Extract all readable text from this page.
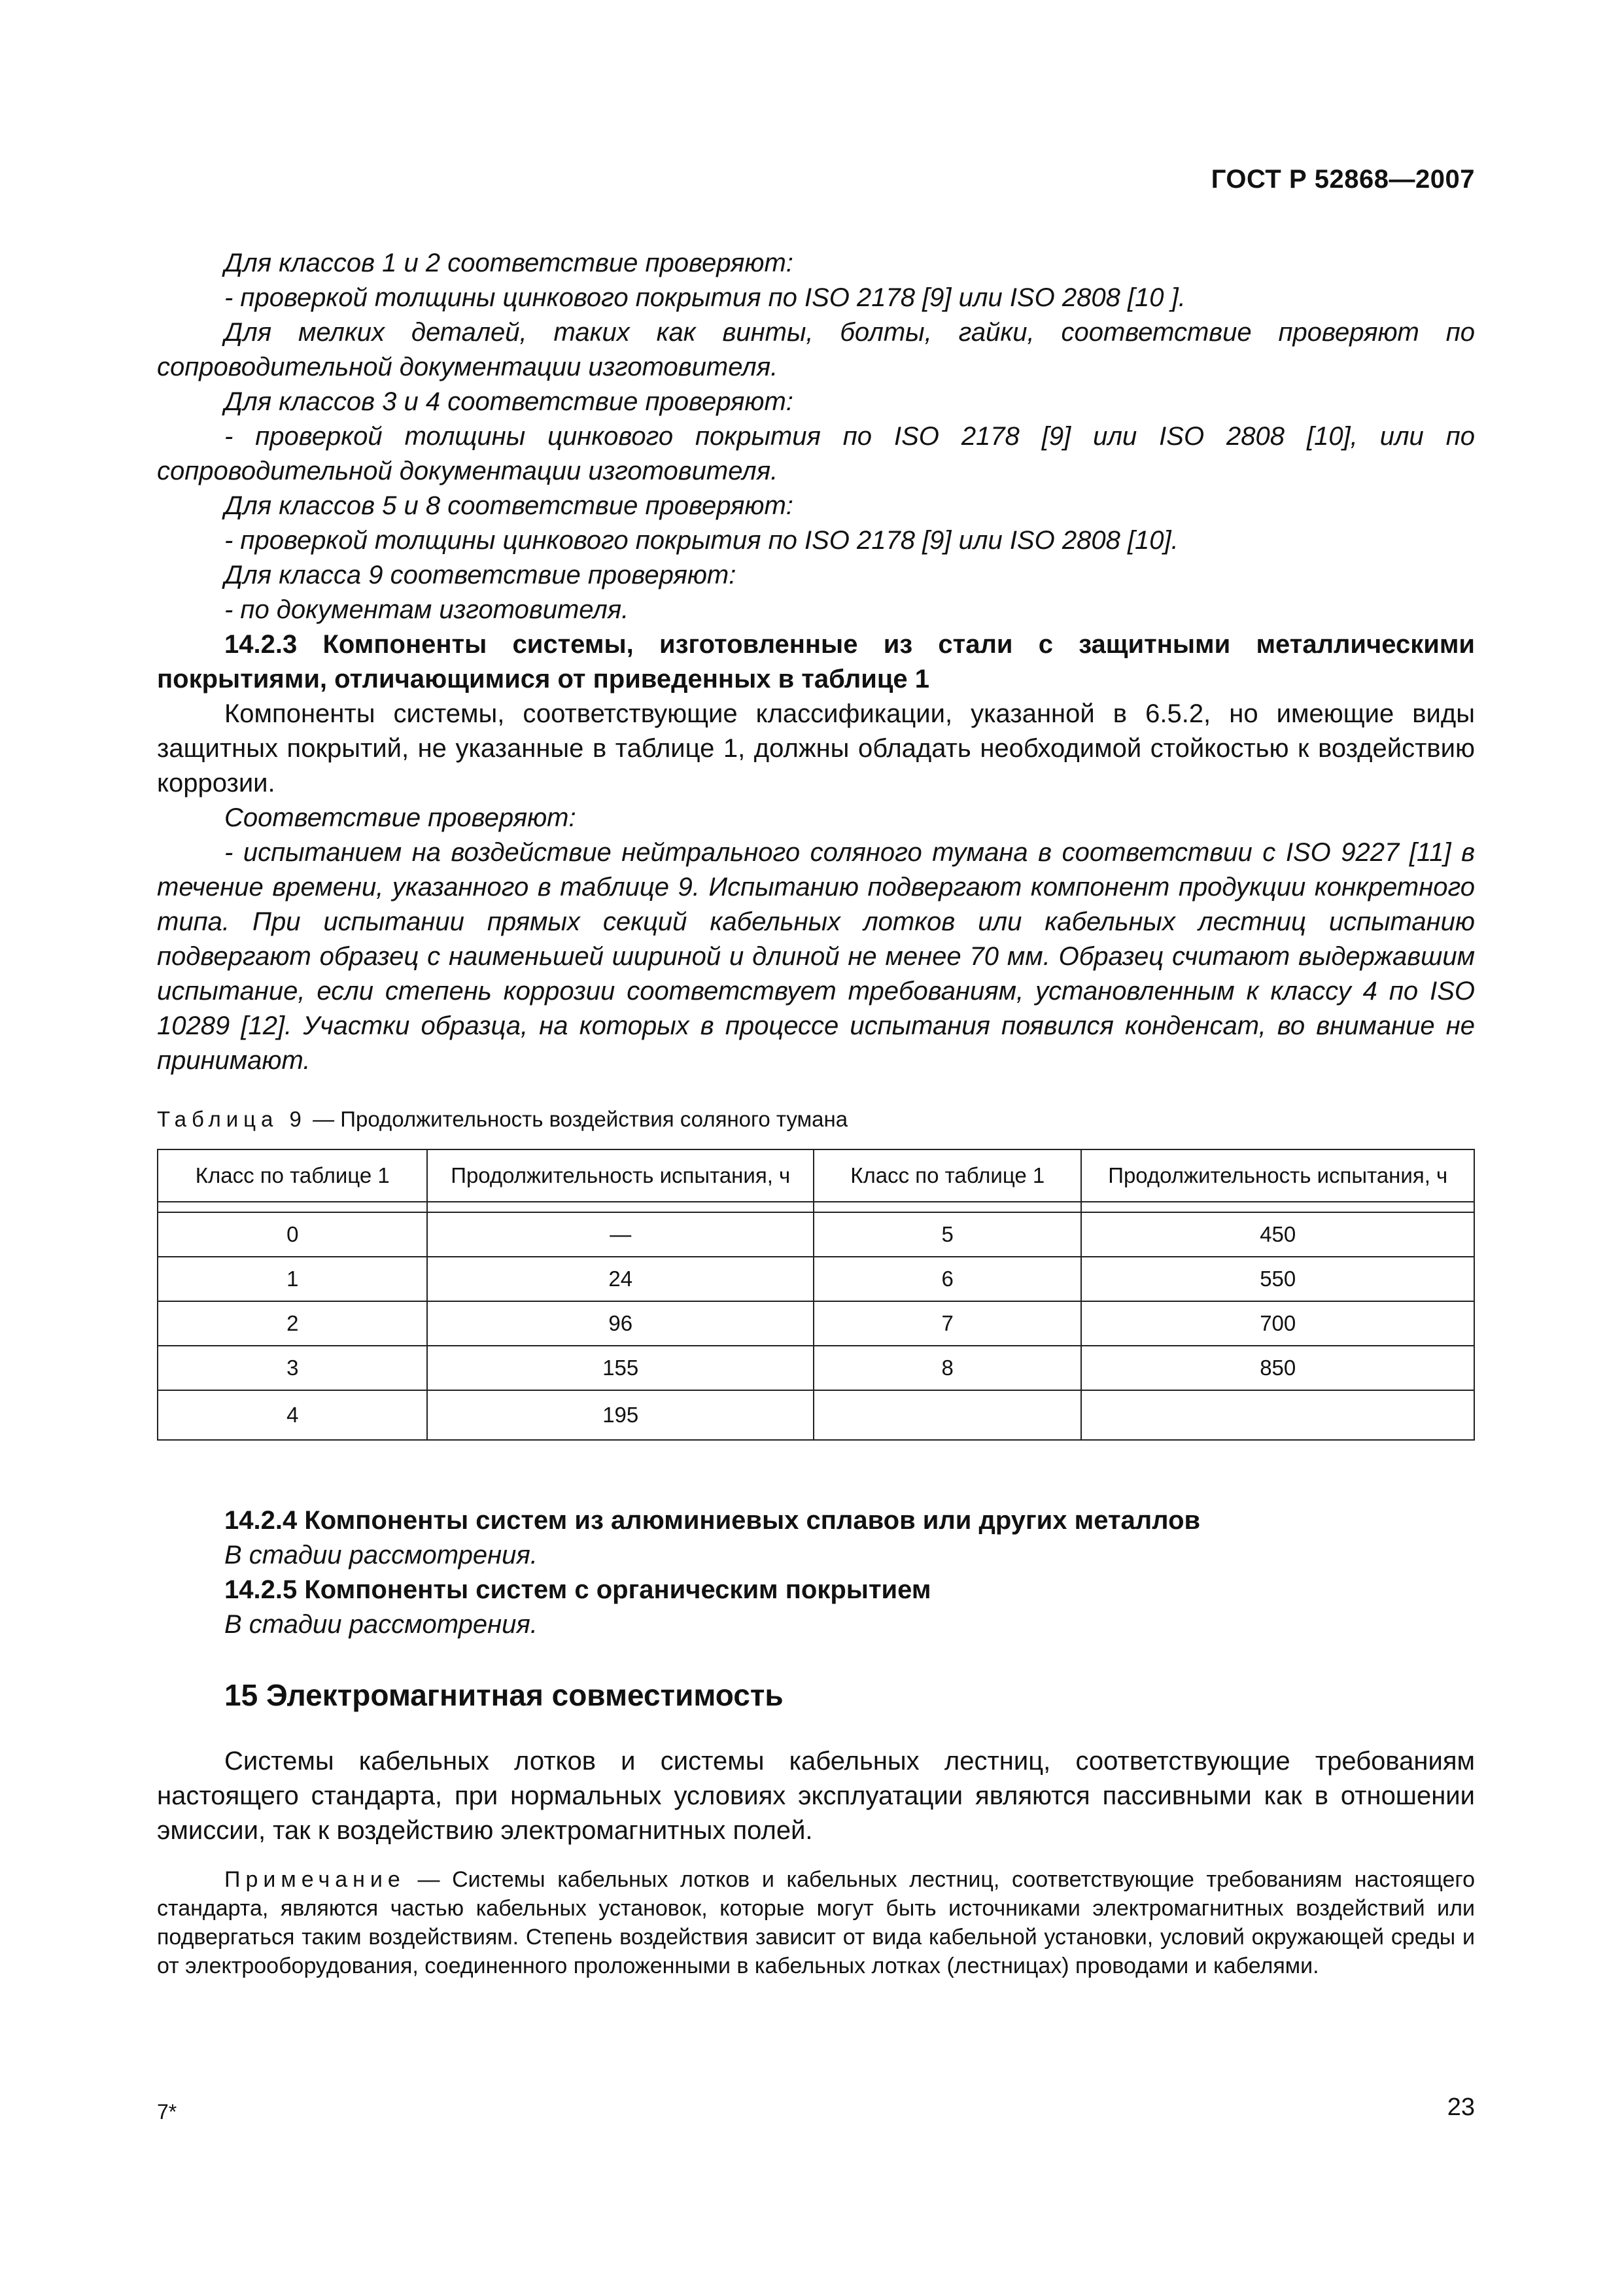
ГОСТ Р 52868—2007

Для классов 1 и 2 соответствие проверяют:

- проверкой толщины цинкового покрытия по ISO 2178 [9] или ISO 2808 [10 ].

Для мелких деталей, таких как винты, болты, гайки, соответствие проверяют по сопроводительной документации изготовителя.

Для классов 3 и 4 соответствие проверяют:

- проверкой толщины цинкового покрытия по ISO 2178 [9] или ISO 2808 [10], или по сопроводительной документации изготовителя.

Для классов 5 и 8 соответствие проверяют:

- проверкой толщины цинкового покрытия по ISO 2178 [9] или ISO 2808 [10].

Для класса 9 соответствие проверяют:

- по документам изготовителя.

14.2.3 Компоненты системы, изготовленные из стали с защитными металлическими покрытиями, отличающимися от приведенных в таблице 1

Компоненты системы, соответствующие классификации, указанной в 6.5.2, но имеющие виды защитных покрытий, не указанные в таблице 1, должны обладать необходимой стойкостью к воздействию коррозии.

Соответствие проверяют:

- испытанием на воздействие нейтрального соляного тумана в соответствии с ISO 9227 [11] в течение времени, указанного в таблице 9. Испытанию подвергают компонент продукции конкретного типа. При испытании прямых секций кабельных лотков или кабельных лестниц испытанию подвергают образец с наименьшей шириной и длиной не менее 70 мм. Образец считают выдержавшим испытание, если степень коррозии соответствует требованиям, установленным к классу 4 по ISO 10289 [12]. Участки образца, на которых в процессе испытания появился конденсат, во внимание не принимают.

Таблица 9 — Продолжительность воздействия соляного тумана
Класс по таблице 1	Продолжительность испытания, ч	Класс по таблице 1	Продолжительность испытания, ч

0	—	5	450
1	24	6	550
2	96	7	700
3	155	8	850
4	195		

14.2.4 Компоненты систем из алюминиевых сплавов или других металлов

В стадии рассмотрения.

14.2.5 Компоненты систем с органическим покрытием

В стадии рассмотрения.

15 Электромагнитная совместимость

Системы кабельных лотков и системы кабельных лестниц, соответствующие требованиям настоящего стандарта, при нормальных условиях эксплуатации являются пассивными как в отношении эмиссии, так к воздействию электромагнитных полей.

Примечание — Системы кабельных лотков и кабельных лестниц, соответствующие требованиям настоящего стандарта, являются частью кабельных установок, которые могут быть источниками электромагнитных воздействий или подвергаться таким воздействиям. Степень воздействия зависит от вида кабельной установки, условий окружающей среды и от электрооборудования, соединенного проложенными в кабельных лотках (лестницах) проводами и кабелями.

7*	23
